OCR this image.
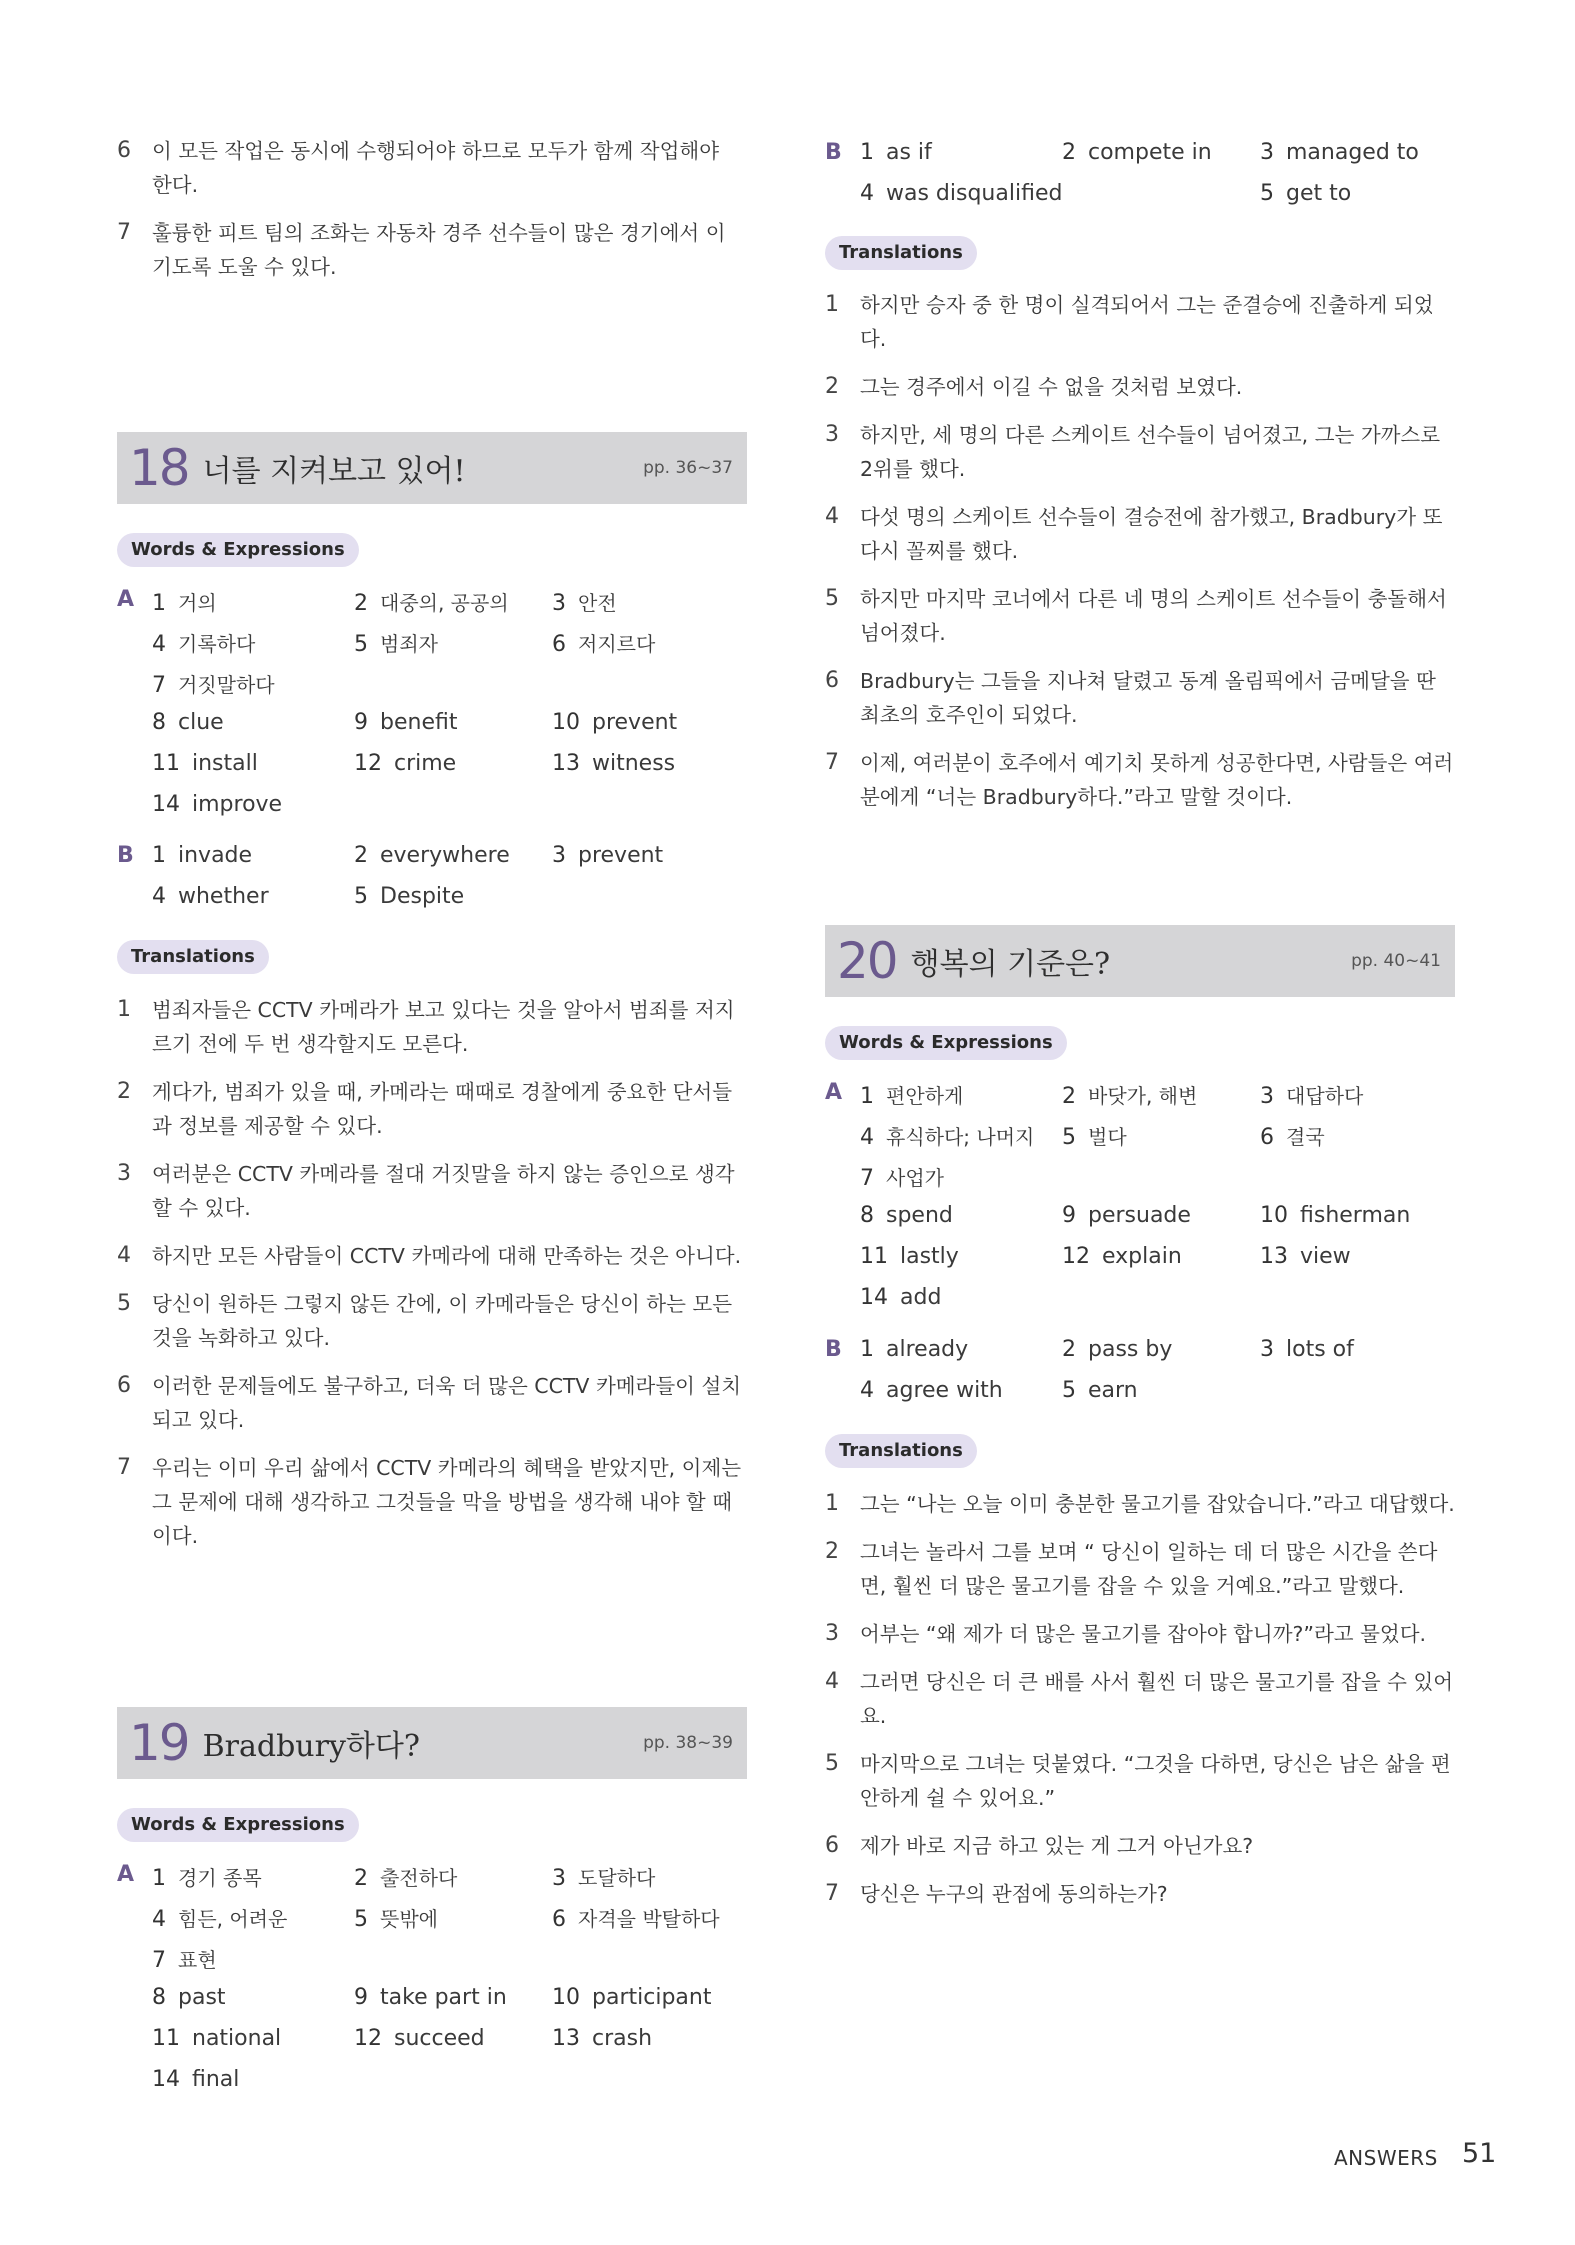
6	이 모든 작업은 동시에 수행되어야 하므로 모두가 함께 작업해야 한다.
7	훌륭한 피트 팀의 조화는 자동차 경주 선수들이 많은 경기에서 이기도록 도울 수 있다.
18 너를 지켜보고 있어!	pp. 36~37
Words & Expressions
A 1 거의	2 대중의, 공공의 3 안전
4 기록하다	5 범죄자	6 저지르다
7 거짓말하다
8 clue	9 benefit	10 prevent
11 install	12 crime	13 witness
14 improve
B 1 invade	2 everywhere 3 prevent
4 whether	5 Despite
Translations
1	범죄자들은 CCTV 카메라가 보고 있다는 것을 알아서 범죄를 저지르기 전에 두 번 생각할지도 모른다.
2	게다가, 범죄가 있을 때, 카메라는 때때로 경찰에게 중요한 단서들과 정보를 제공할 수 있다.
3	여러분은 CCTV 카메라를 절대 거짓말을 하지 않는 증인으로 생각할 수 있다.
4	하지만 모든 사람들이 CCTV 카메라에 대해 만족하는 것은 아니다.
5	당신이 원하든 그렇지 않든 간에, 이 카메라들은 당신이 하는 모든 것을 녹화하고 있다.
6	이러한 문제들에도 불구하고, 더욱 더 많은 CCTV 카메라들이 설치되고 있다.
7	우리는 이미 우리 삶에서 CCTV 카메라의 혜택을 받았지만, 이제는 그 문제에 대해 생각하고 그것들을 막을 방법을 생각해 내야 할 때이다.
19 Bradbury하다?	pp. 38~39
Words & Expressions
A 1 경기 종목	2 출전하다	3 도달하다
4 힘든, 어려운	5 뜻밖에	6 자격을 박탈하다
7 표현
8 past	9 take part in 10 participant
11 national	12 succeed	13 crash
14 final
B 1 as if	2 compete in 3 managed to
4 was disqualified	5 get to
Translations
1	하지만 승자 중 한 명이 실격되어서 그는 준결승에 진출하게 되었다.
2	그는 경주에서 이길 수 없을 것처럼 보였다.
3	하지만, 세 명의 다른 스케이트 선수들이 넘어졌고, 그는 가까스로 2위를 했다.
4	다섯 명의 스케이트 선수들이 결승전에 참가했고, Bradbury가 또다시 꼴찌를 했다.
5	하지만 마지막 코너에서 다른 네 명의 스케이트 선수들이 충돌해서 넘어졌다.
6	Bradbury는 그들을 지나쳐 달렸고 동계 올림픽에서 금메달을 딴 최초의 호주인이 되었다.
7	이제, 여러분이 호주에서 예기치 못하게 성공한다면, 사람들은 여러분에게 “너는 Bradbury하다.”라고 말할 것이다.
20 행복의 기준은?	pp. 40~41
Words & Expressions
A 1 편안하게	2 바닷가, 해변	3 대답하다
4 휴식하다; 나머지 5 벌다	6 결국
7 사업가
8 spend	9 persuade	10 fisherman
11 lastly	12 explain	13 view
14 add
B 1 already	2 pass by	3 lots of
4 agree with	5 earn
Translations
1	그는 “나는 오늘 이미 충분한 물고기를 잡았습니다.”라고 대답했다.
2	그녀는 놀라서 그를 보며 “ 당신이 일하는 데 더 많은 시간을 쓴다면, 훨씬 더 많은 물고기를 잡을 수 있을 거예요.”라고 말했다.
3	어부는 “왜 제가 더 많은 물고기를 잡아야 합니까?”라고 물었다.
4	그러면 당신은 더 큰 배를 사서 훨씬 더 많은 물고기를 잡을 수 있어요.
5	마지막으로 그녀는 덧붙였다. “그것을 다하면, 당신은 남은 삶을 편안하게 쉴 수 있어요.”
6	제가 바로 지금 하고 있는 게 그거 아닌가요?
7	당신은 누구의 관점에 동의하는가?
ANSWERS 51
